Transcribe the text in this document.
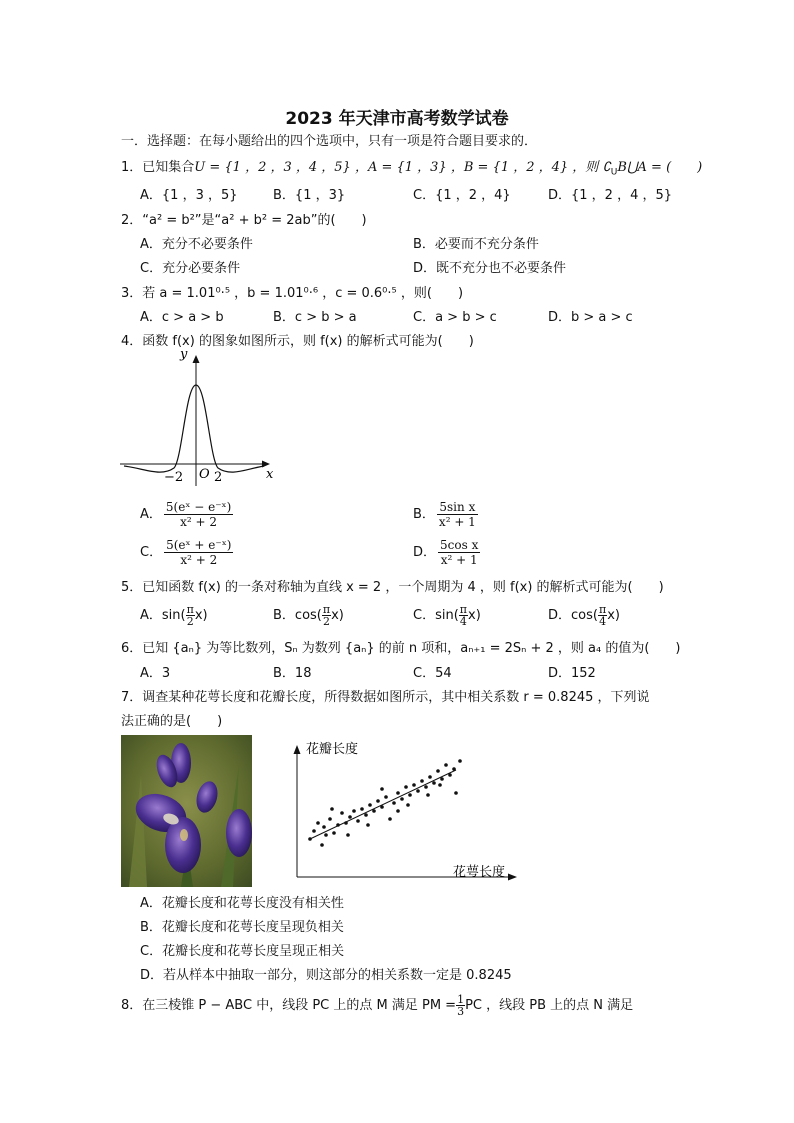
2023 年天津市高考数学试卷
一．选择题：在每小题给出的四个选项中，只有一项是符合题目要求的．
1．已知集合U = {1 ，2 ，3 ，4 ，5} ，A = {1 ，3} ，B = {1 ，2 ，4} ，则 $∁_UB⋃A$ = (　　)
A．{1 ，3 ，5}	B．{1 ，3}	C．{1 ，2 ，4}	D．{1 ，2 ，4 ，5}
2．“a² = b²”是“a² + b² = 2ab”的(　　)
A．充分不必要条件	B．必要而不充分条件
C．充分必要条件	D．既不充分也不必要条件
3．若 a = 1.01⁰·⁵ ，b = 1.01⁰·⁶ ，c = 0.6⁰·⁵ ，则(　　)
A．c > a > b	B．c > b > a	C．a > b > c	D．b > a > c
4．函数 f(x) 的图象如图所示，则 f(x) 的解析式可能为(　　)
y
x
O
−2 2
A． $\frac{\text{5(eˣ − e⁻ˣ)}}{\text{x² + 2}}$	B． $\frac{\text{5sin x}}{\text{x² + 1}}$
C． $\frac{\text{5(eˣ + e⁻ˣ)}}{\text{x² + 2}}$	D． $\frac{\text{5cos x}}{\text{x² + 1}}$
5．已知函数 f(x) 的一条对称轴为直线 x = 2 ，一个周期为 4 ，则 f(x) 的解析式可能为(　　)
A．$\sin( \frac{\pi}{2} x)$	B．$\cos( \frac{\pi}{2} x)$	C．$\sin( \frac{\pi}{4} x)$	D．$\cos( \frac{\pi}{4} x)$
6．已知 {aₙ} 为等比数列，Sₙ 为数列 {aₙ} 的前 n 项和，aₙ₊₁ = 2Sₙ + 2 ，则 a₄ 的值为(　　)
A．3	B．18	C．54	D．152
7．调查某种花萼长度和花瓣长度，所得数据如图所示，其中相关系数 r = 0.8245 ，下列说
法正确的是(　　)
花瓣长度
花萼长度
A．花瓣长度和花萼长度没有相关性
B．花瓣长度和花萼长度呈现负相关
C．花瓣长度和花萼长度呈现正相关
D．若从样本中抽取一部分，则这部分的相关系数一定是 0.8245
8．在三棱锥 P − ABC 中，线段 PC 上的点 M 满足 PM = $\frac{1}{3}$ PC ，线段 PB 上的点 N 满足
